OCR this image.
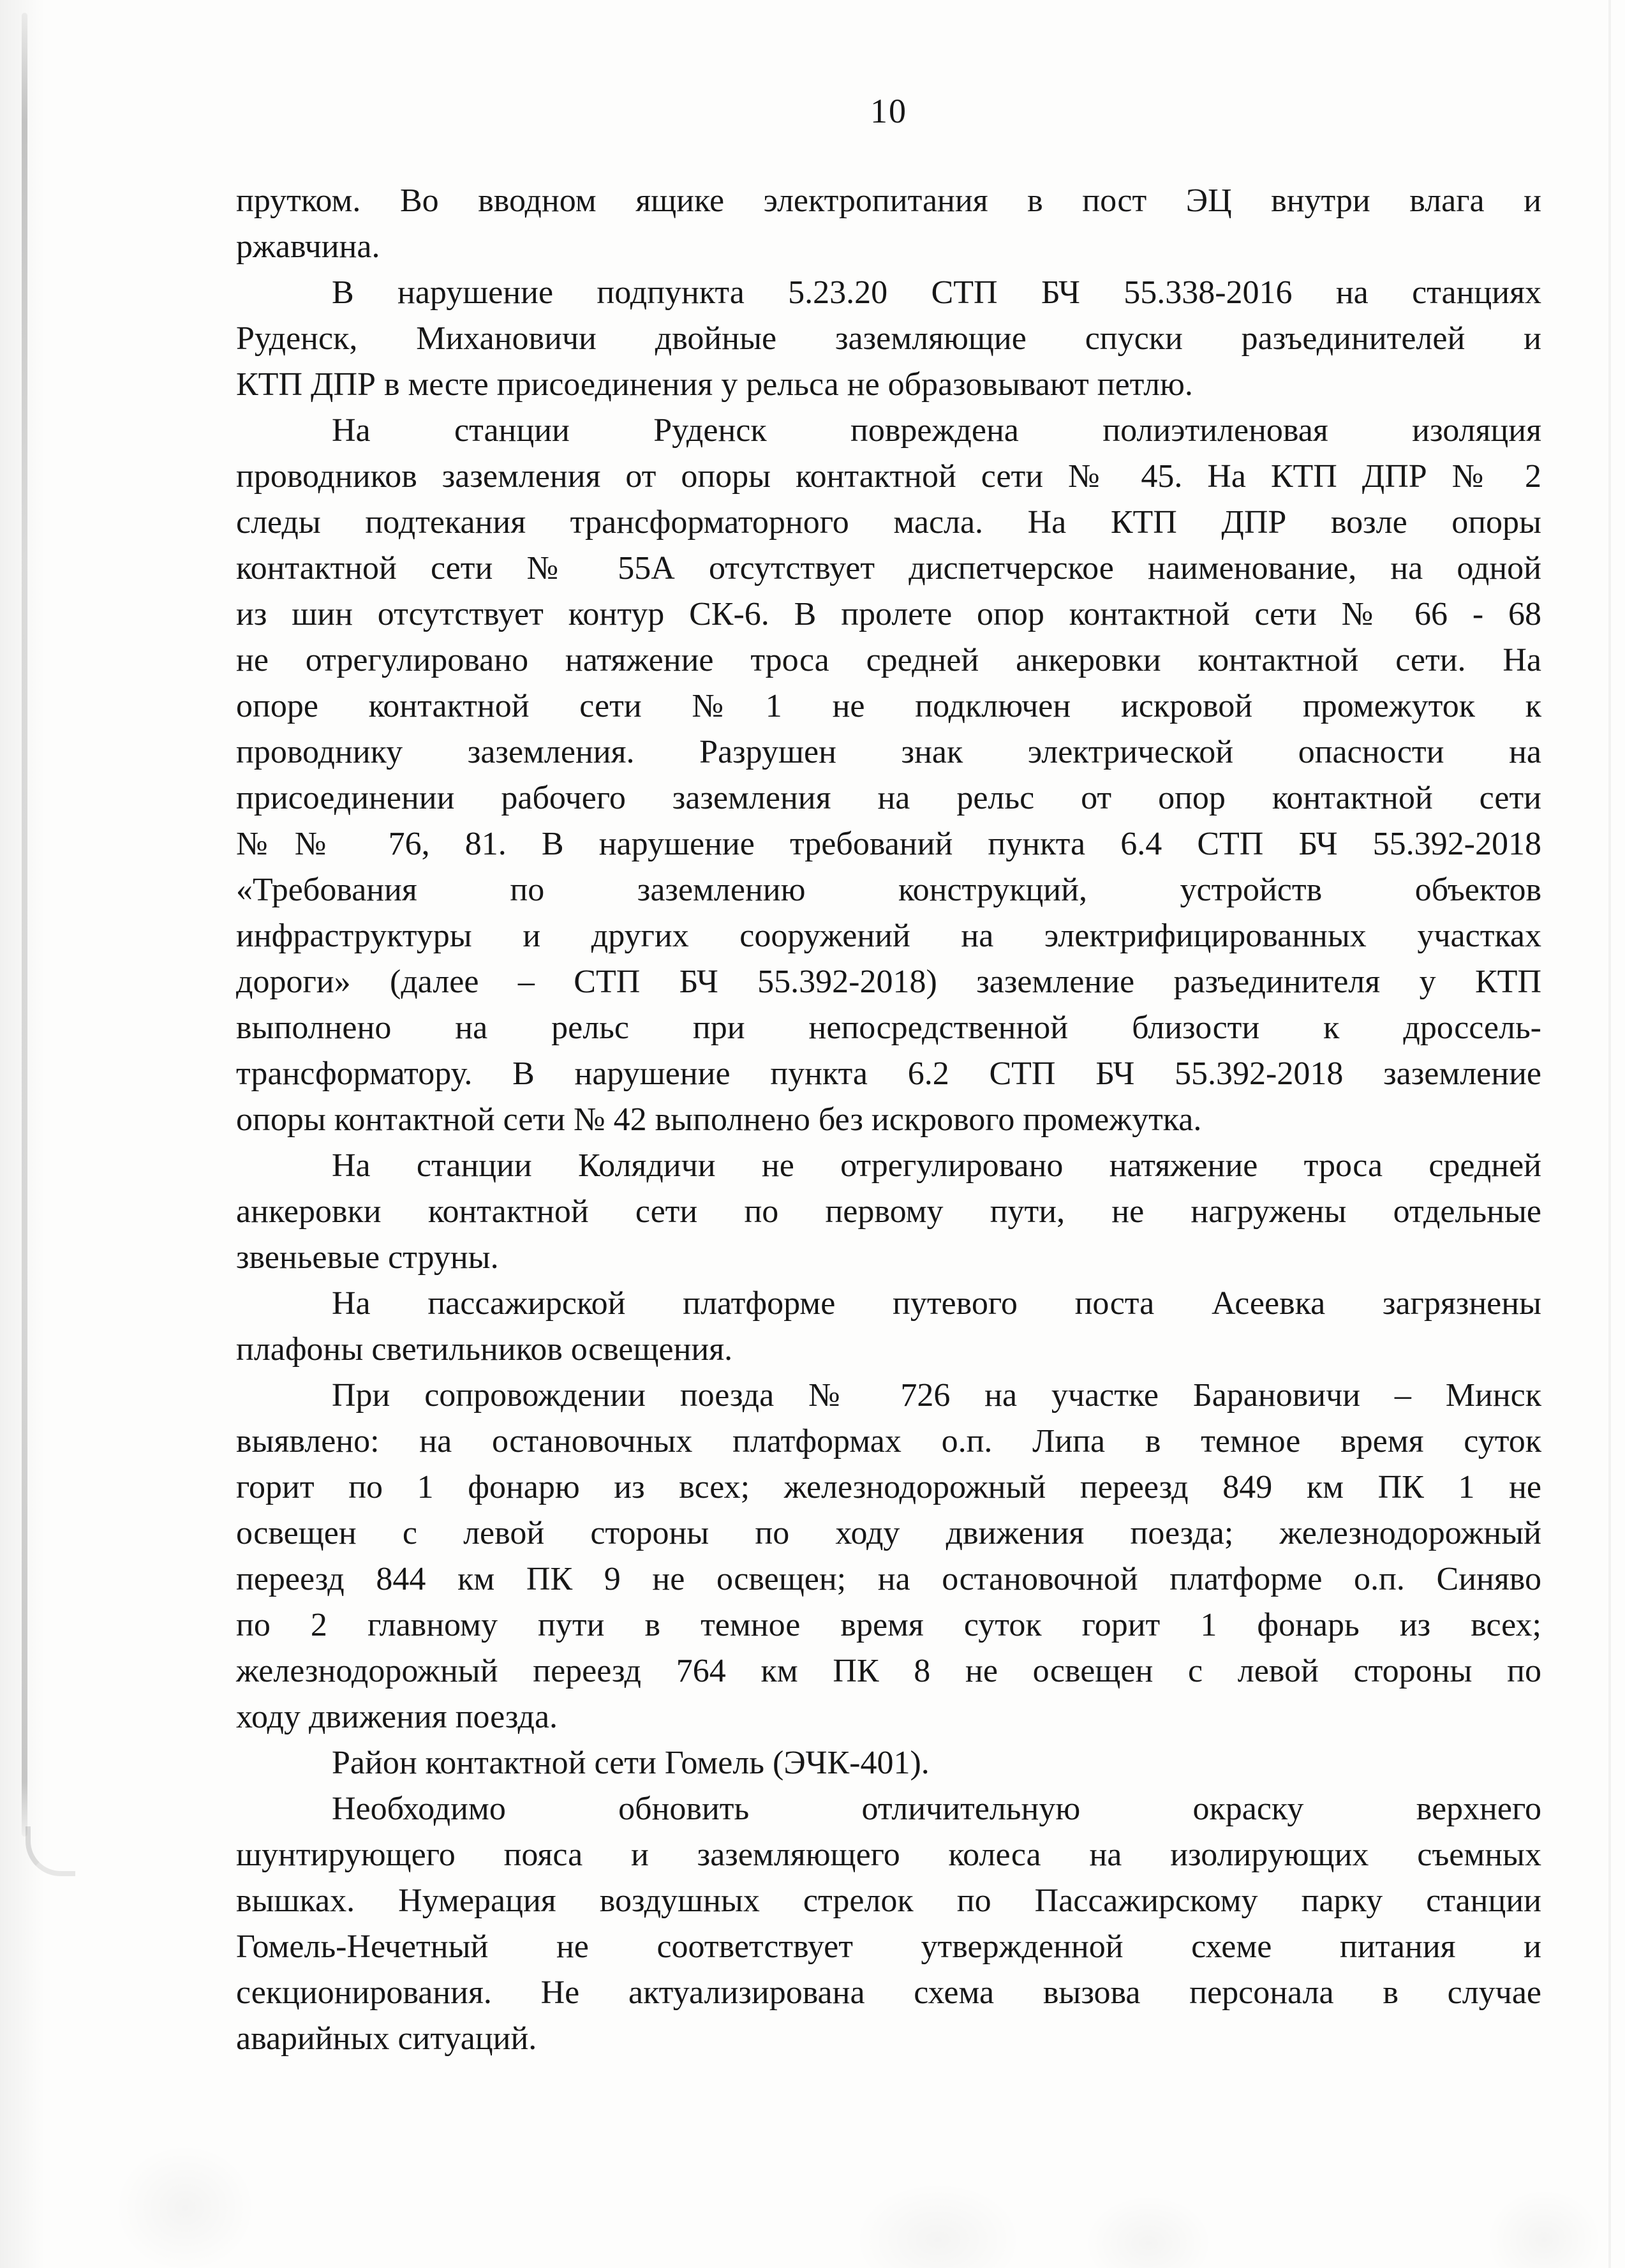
10

прутком. Во вводном ящике электропитания в пост ЭЦ внутри влага и
ржавчина.

В нарушение подпункта 5.23.20 СТП БЧ 55.338-2016 на станциях
Руденск, Михановичи двойные заземляющие спуски разъединителей и
КТП ДПР в месте присоединения у рельса не образовывают петлю.

На станции Руденск повреждена полиэтиленовая изоляция
проводников заземления от опоры контактной сети № 45. На КТП ДПР № 2
следы подтекания трансформаторного масла. На КТП ДПР возле опоры
контактной сети № 55А отсутствует диспетчерское наименование, на одной
из шин отсутствует контур СК-6. В пролете опор контактной сети № 66 - 68
не отрегулировано натяжение троса средней анкеровки контактной сети. На
опоре контактной сети №1 не подключен искровой промежуток к
проводнику заземления. Разрушен знак электрической опасности на
присоединении рабочего заземления на рельс от опор контактной сети
№№ 76, 81. В нарушение требований пункта 6.4 СТП БЧ 55.392-2018
«Требования по заземлению конструкций, устройств объектов
инфраструктуры и других сооружений на электрифицированных участках
дороги» (далее – СТП БЧ 55.392-2018) заземление разъединителя у КТП
выполнено на рельс при непосредственной близости к дроссель-
трансформатору. В нарушение пункта 6.2 СТП БЧ 55.392-2018 заземление
опоры контактной сети № 42 выполнено без искрового промежутка.

На станции Колядичи не отрегулировано натяжение троса средней
анкеровки контактной сети по первому пути, не нагружены отдельные
звеньевые струны.

На пассажирской платформе путевого поста Асеевка загрязнены
плафоны светильников освещения.

При сопровождении поезда № 726 на участке Барановичи – Минск
выявлено: на остановочных платформах о.п. Липа в темное время суток
горит по 1 фонарю из всех; железнодорожный переезд 849 км ПК 1 не
освещен с левой стороны по ходу движения поезда; железнодорожный
переезд 844 км ПК 9 не освещен; на остановочной платформе о.п. Синяво
по 2 главному пути в темное время суток горит 1 фонарь из всех;
железнодорожный переезд 764 км ПК 8 не освещен с левой стороны по
ходу движения поезда.

Район контактной сети Гомель (ЭЧК-401).

Необходимо обновить отличительную окраску верхнего
шунтирующего пояса и заземляющего колеса на изолирующих съемных
вышках. Нумерация воздушных стрелок по Пассажирскому парку станции
Гомель-Нечетный не соответствует утвержденной схеме питания и
секционирования. Не актуализирована схема вызова персонала в случае
аварийных ситуаций.
